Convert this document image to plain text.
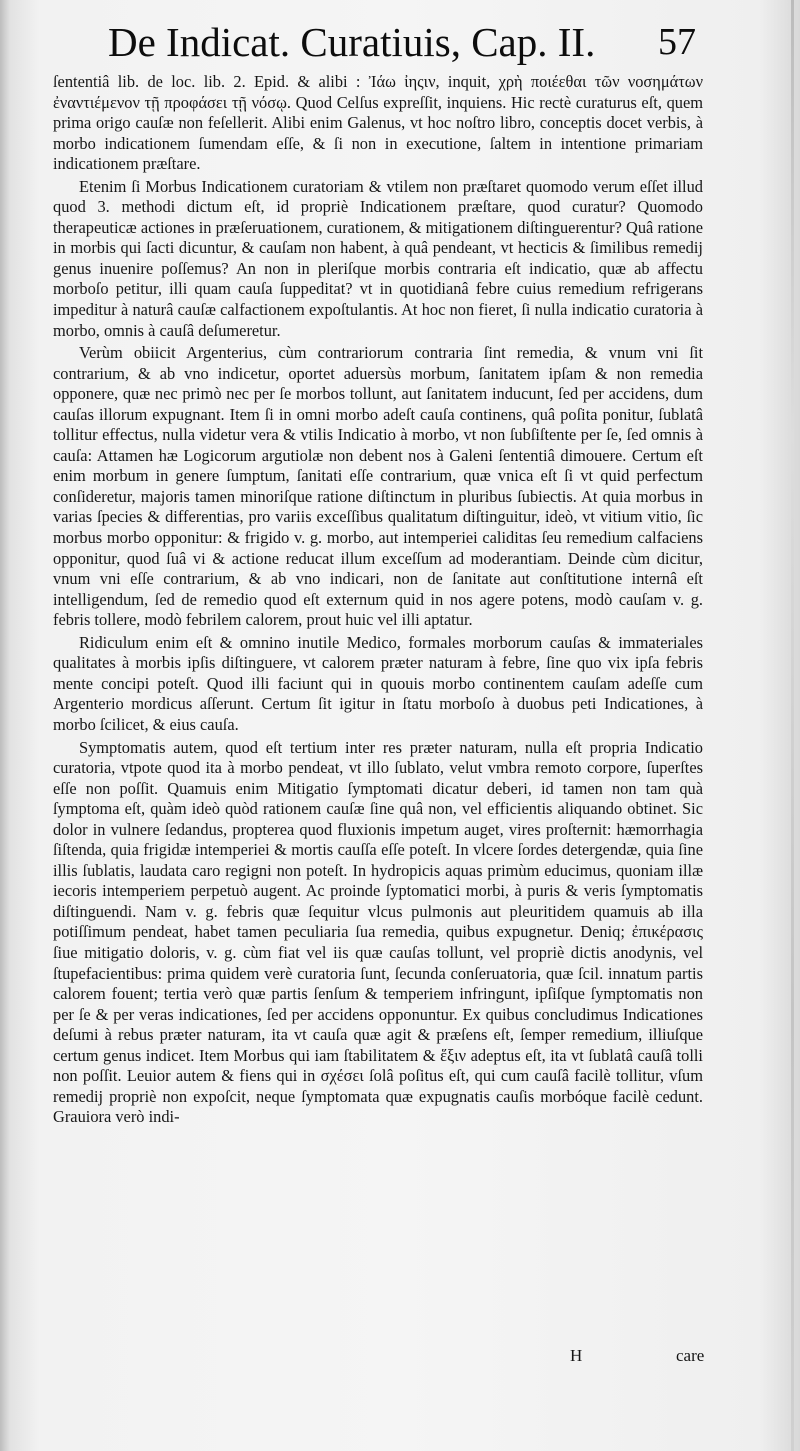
De Indicat. Curatiuis, Cap. II. 57

ſententiâ lib. de loc. lib. 2. Epid. & alibi : Ἰάω ἰηςιν, inquit, χρὴ ποιέεθαι τῶν νοσημάτων ἐναντιέμενον τῇ προφάσει τῇ νόσῳ. Quod Celſus expreſſit, inquiens. Hic rectè curaturus eſt, quem prima origo cauſæ non feſellerit. Alibi enim Galenus, vt hoc noſtro libro, conceptis docet verbis, à morbo indicationem ſumendam eſſe, & ſi non in executione, ſaltem in intentione primariam indicationem præſtare.

Etenim ſi Morbus Indicationem curatoriam & vtilem non præſtaret quomodo verum eſſet illud quod 3. methodi dictum eſt, id propriè Indicationem præſtare, quod curatur? Quomodo therapeuticæ actiones in præſeruationem, curationem, & mitigationem diſtinguerentur? Quâ ratione in morbis qui ſacti dicuntur, & cauſam non habent, à quâ pendeant, vt hecticis & ſimilibus remedij genus inuenire poſſemus? An non in pleriſque morbis contraria eſt indicatio, quæ ab affectu morboſo petitur, illi quam cauſa ſuppeditat? vt in quotidianâ febre cuius remedium refrigerans impeditur à naturâ cauſæ calfactionem expoſtulantis. At hoc non fieret, ſi nulla indicatio curatoria à morbo, omnis à cauſâ deſumeretur.

Verùm obiicit Argenterius, cùm contrariorum contraria ſint remedia, & vnum vni ſit contrarium, & ab vno indicetur, oportet aduersùs morbum, ſanitatem ipſam & non remedia opponere, quæ nec primò nec per ſe morbos tollunt, aut ſanitatem inducunt, ſed per accidens, dum cauſas illorum expugnant. Item ſi in omni morbo adeſt cauſa continens, quâ poſita ponitur, ſublatâ tollitur effectus, nulla videtur vera & vtilis Indicatio à morbo, vt non ſubſiſtente per ſe, ſed omnis à cauſa: Attamen hæ Logicorum argutiolæ non debent nos à Galeni ſententiâ dimouere. Certum eſt enim morbum in genere ſumptum, ſanitati eſſe contrarium, quæ vnica eſt ſi vt quid perfectum conſideretur, majoris tamen minoriſque ratione diſtinctum in pluribus ſubiectis. At quia morbus in varias ſpecies & differentias, pro variis exceſſibus qualitatum diſtinguitur, ideò, vt vitium vitio, ſic morbus morbo opponitur: & frigido v. g. morbo, aut intemperiei caliditas ſeu remedium calfaciens opponitur, quod ſuâ vi & actione reducat illum exceſſum ad moderantiam. Deinde cùm dicitur, vnum vni eſſe contrarium, & ab vno indicari, non de ſanitate aut conſtitutione internâ eſt intelligendum, ſed de remedio quod eſt externum quid in nos agere potens, modò cauſam v. g. febris tollere, modò febrilem calorem, prout huic vel illi aptatur.

Ridiculum enim eſt & omnino inutile Medico, formales morborum cauſas & immateriales qualitates à morbis ipſis diſtinguere, vt calorem præter naturam à febre, ſine quo vix ipſa febris mente concipi poteſt. Quod illi faciunt qui in quouis morbo continentem cauſam adeſſe cum Argenterio mordicus aſſerunt. Certum ſit igitur in ſtatu morboſo à duobus peti Indicationes, à morbo ſcilicet, & eius cauſa.

Symptomatis autem, quod eſt tertium inter res præter naturam, nulla eſt propria Indicatio curatoria, vtpote quod ita à morbo pendeat, vt illo ſublato, velut vmbra remoto corpore, ſuperſtes eſſe non poſſit. Quamuis enim Mitigatio ſymptomati dicatur deberi, id tamen non tam quà ſymptoma eſt, quàm ideò quòd rationem cauſæ ſine quâ non, vel efficientis aliquando obtinet. Sic dolor in vulnere ſedandus, propterea quod fluxionis impetum auget, vires proſternit: hæmorrhagia ſiſtenda, quia frigidæ intemperiei & mortis cauſſa eſſe poteſt. In vlcere ſordes detergendæ, quia ſine illis ſublatis, laudata caro regigni non poteſt. In hydropicis aquas primùm educimus, quoniam illæ iecoris intemperiem perpetuò augent. Ac proinde ſyptomatici morbi, à puris & veris ſymptomatis diſtinguendi. Nam v. g. febris quæ ſequitur vlcus pulmonis aut pleuritidem quamuis ab illa potiſſimum pendeat, habet tamen peculiaria ſua remedia, quibus expugnetur. Deniq; ἐπικέρασις ſiue mitigatio doloris, v. g. cùm fiat vel iis quæ cauſas tollunt, vel propriè dictis anodynis, vel ſtupefacientibus: prima quidem verè curatoria ſunt, ſecunda conſeruatoria, quæ ſcil. innatum partis calorem fouent; tertia verò quæ partis ſenſum & temperiem infringunt, ipſiſque ſymptomatis non per ſe & per veras indicationes, ſed per accidens opponuntur. Ex quibus concludimus Indicationes deſumi à rebus præter naturam, ita vt cauſa quæ agit & præſens eſt, ſemper remedium, illiuſque certum genus indicet. Item Morbus qui iam ſtabilitatem & ἕξιν adeptus eſt, ita vt ſublatâ cauſâ tolli non poſſit. Leuior autem & fiens qui in σχέσει ſolâ poſitus eſt, qui cum cauſâ facilè tollitur, vſum remedij propriè non expoſcit, neque ſymptomata quæ expugnatis cauſis morbóque facilè cedunt. Grauiora verò indi-

H	care
